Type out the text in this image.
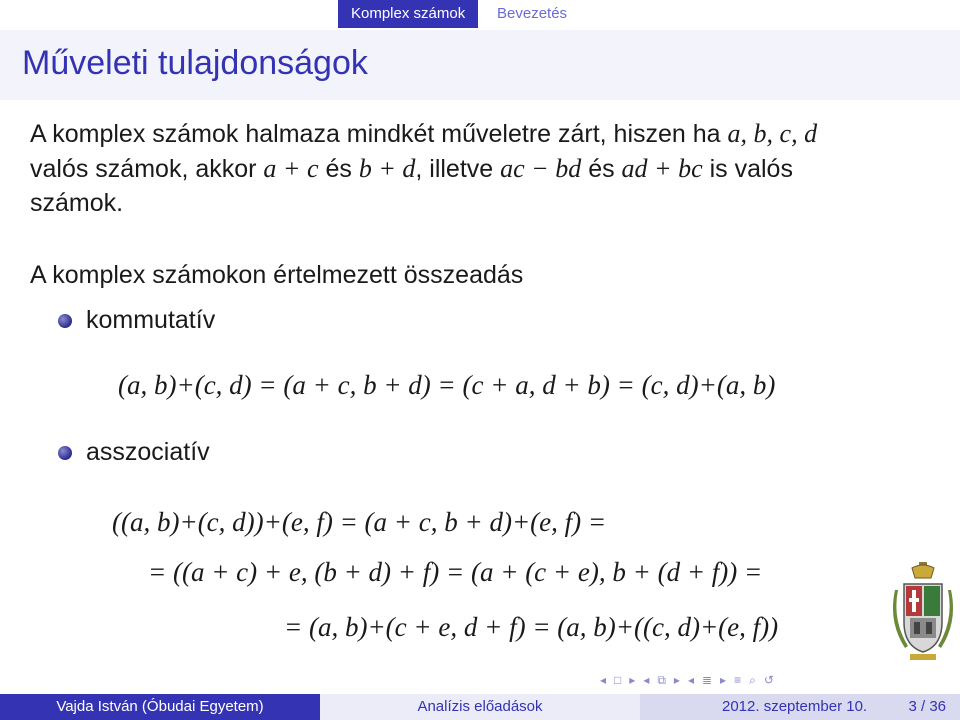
Komplex számok	Bevezetés
Műveleti tulajdonságok
A komplex számok halmaza mindkét műveletre zárt, hiszen ha a, b, c, d
valós számok, akkor a + c és b + d, illetve ac − bd és ad + bc is valós
számok.
A komplex számokon értelmezett összeadás
kommutatív
(a, b)+(c, d) = (a + c, b + d) = (c + a, d + b) = (c, d)+(a, b)
asszociatív
((a, b)+(c, d))+(e, f) = (a + c, b + d)+(e, f) =
= ((a + c) + e, (b + d) + f) = (a + (c + e), b + (d + f)) =
= (a, b)+(c + e, d + f) = (a, b)+((c, d)+(e, f))
◂ □ ▸ ◂ ⧉ ▸ ◂ ≣ ▸ ≡ ⌕ ↺
Vajda István (Óbudai Egyetem)	Analízis előadások	2012. szeptember 10.	3 / 36
